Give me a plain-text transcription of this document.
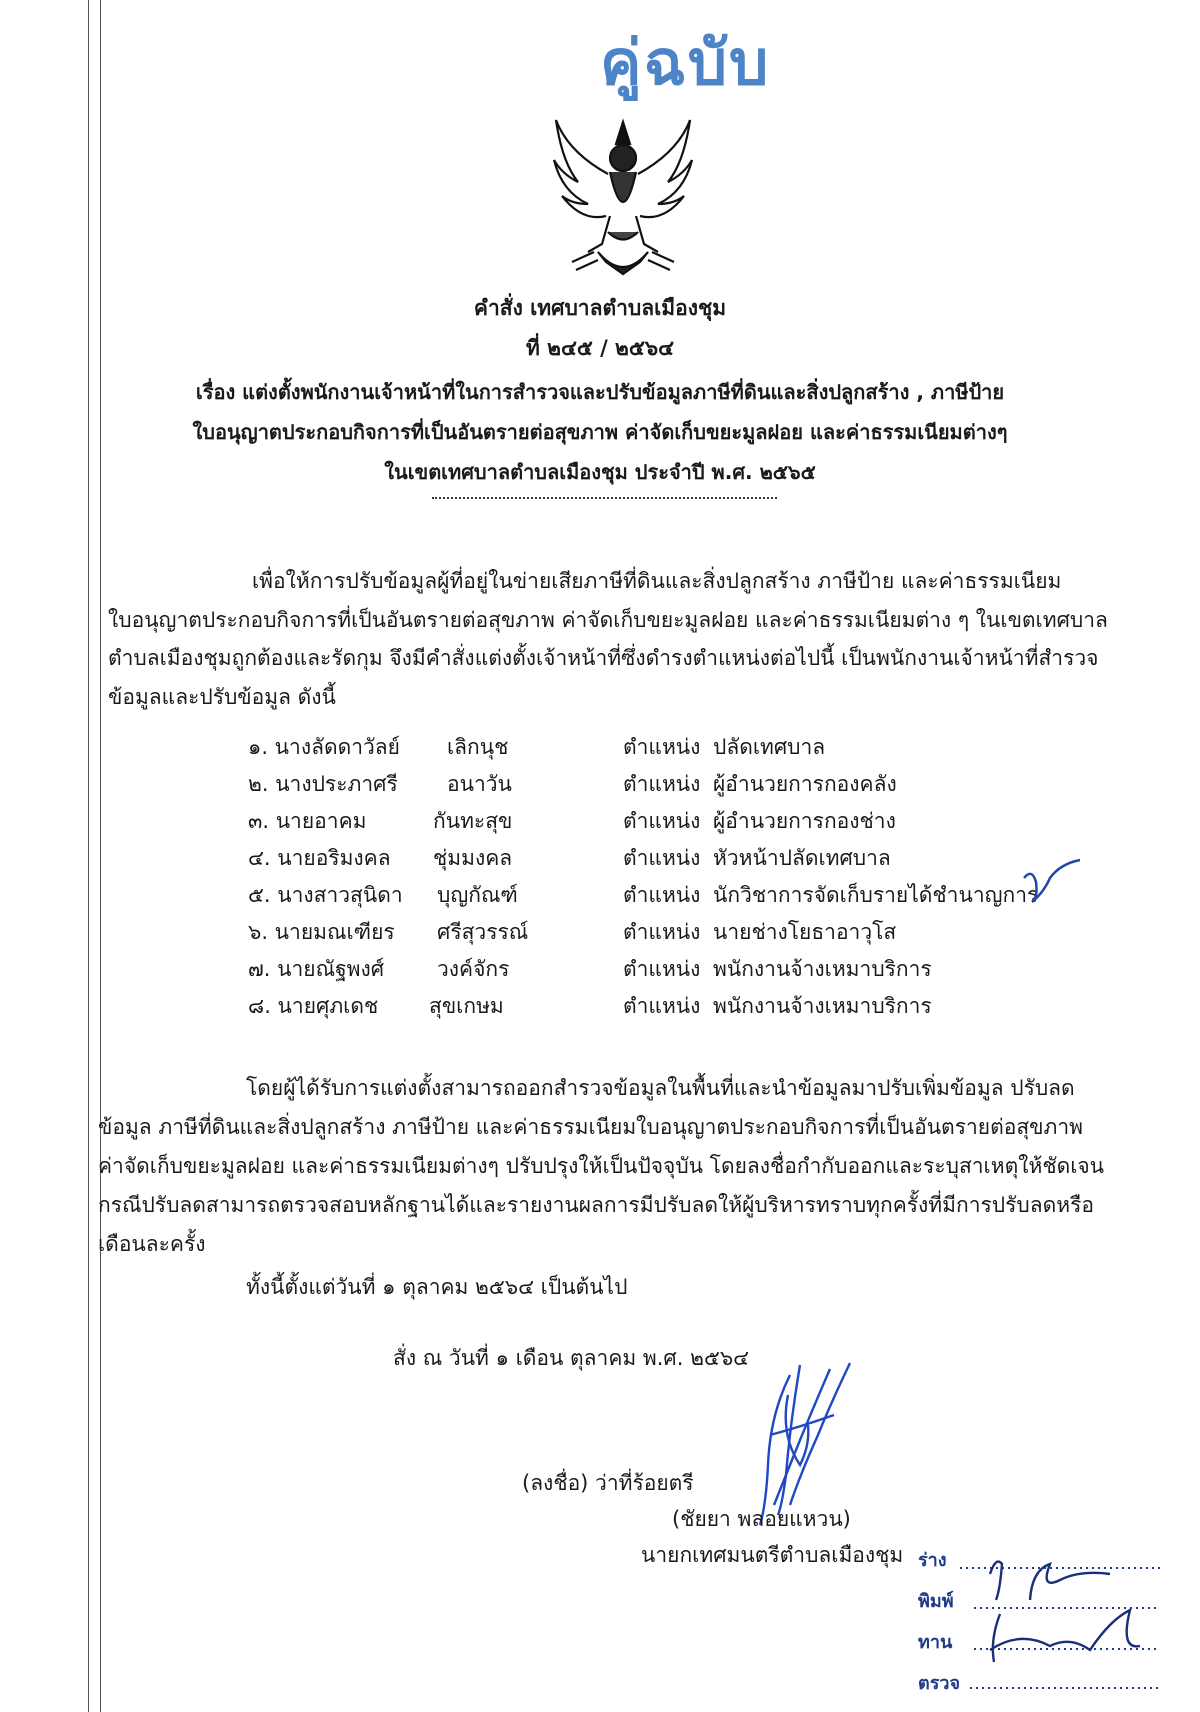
คู่ฉบับ
คำสั่ง เทศบาลตำบลเมืองชุม
ที่ ๒๔๕ / ๒๕๖๔
เรื่อง แต่งตั้งพนักงานเจ้าหน้าที่ในการสำรวจและปรับข้อมูลภาษีที่ดินและสิ่งปลูกสร้าง , ภาษีป้าย
ใบอนุญาตประกอบกิจการที่เป็นอันตรายต่อสุขภาพ ค่าจัดเก็บขยะมูลฝอย และค่าธรรมเนียมต่างๆ
ในเขตเทศบาลตำบลเมืองชุม ประจำปี พ.ศ. ๒๕๖๕
เพื่อให้การปรับข้อมูลผู้ที่อยู่ในข่ายเสียภาษีที่ดินและสิ่งปลูกสร้าง ภาษีป้าย และค่าธรรมเนียม
ใบอนุญาตประกอบกิจการที่เป็นอันตรายต่อสุขภาพ ค่าจัดเก็บขยะมูลฝอย และค่าธรรมเนียมต่าง ๆ ในเขตเทศบาล
ตำบลเมืองชุมถูกต้องและรัดกุม จึงมีคำสั่งแต่งตั้งเจ้าหน้าที่ซึ่งดำรงตำแหน่งต่อไปนี้ เป็นพนักงานเจ้าหน้าที่สำรวจ
ข้อมูลและปรับข้อมูล ดังนี้
๑. นางลัดดาวัลย์ เลิกนุช	ตำแหน่ง ปลัดเทศบาล
๒. นางประภาศรี อนาวัน	ตำแหน่ง ผู้อำนวยการกองคลัง
๓. นายอาคม	กันทะสุข	ตำแหน่ง ผู้อำนวยการกองช่าง
๔. นายอริมงคล ชุ่มมงคล	ตำแหน่ง หัวหน้าปลัดเทศบาล
๕. นางสาวสุนิดา บุญกัณฑ์	ตำแหน่ง นักวิชาการจัดเก็บรายได้ชำนาญการ
๖. นายมณเฑียร ศรีสุวรรณ์	ตำแหน่ง นายช่างโยธาอาวุโส
๗. นายณัฐพงศ์	วงค์จักร	ตำแหน่ง พนักงานจ้างเหมาบริการ
๘. นายศุภเดช สุขเกษม	ตำแหน่ง พนักงานจ้างเหมาบริการ
โดยผู้ได้รับการแต่งตั้งสามารถออกสำรวจข้อมูลในพื้นที่และนำข้อมูลมาปรับเพิ่มข้อมูล ปรับลด
ข้อมูล ภาษีที่ดินและสิ่งปลูกสร้าง ภาษีป้าย และค่าธรรมเนียมใบอนุญาตประกอบกิจการที่เป็นอันตรายต่อสุขภาพ
ค่าจัดเก็บขยะมูลฝอย และค่าธรรมเนียมต่างๆ ปรับปรุงให้เป็นปัจจุบัน โดยลงชื่อกำกับออกและระบุสาเหตุให้ชัดเจน
กรณีปรับลดสามารถตรวจสอบหลักฐานได้และรายงานผลการมีปรับลดให้ผู้บริหารทราบทุกครั้งที่มีการปรับลดหรือ
เดือนละครั้ง
ทั้งนี้ตั้งแต่วันที่ ๑ ตุลาคม ๒๕๖๔ เป็นต้นไป
สั่ง ณ วันที่ ๑ เดือน ตุลาคม พ.ศ. ๒๕๖๔
(ลงชื่อ) ว่าที่ร้อยตรี
(ชัยยา พลอยแหวน)
นายกเทศมนตรีตำบลเมืองชุม ร่าง
พิมพ์
ทาน
ตรวจ
